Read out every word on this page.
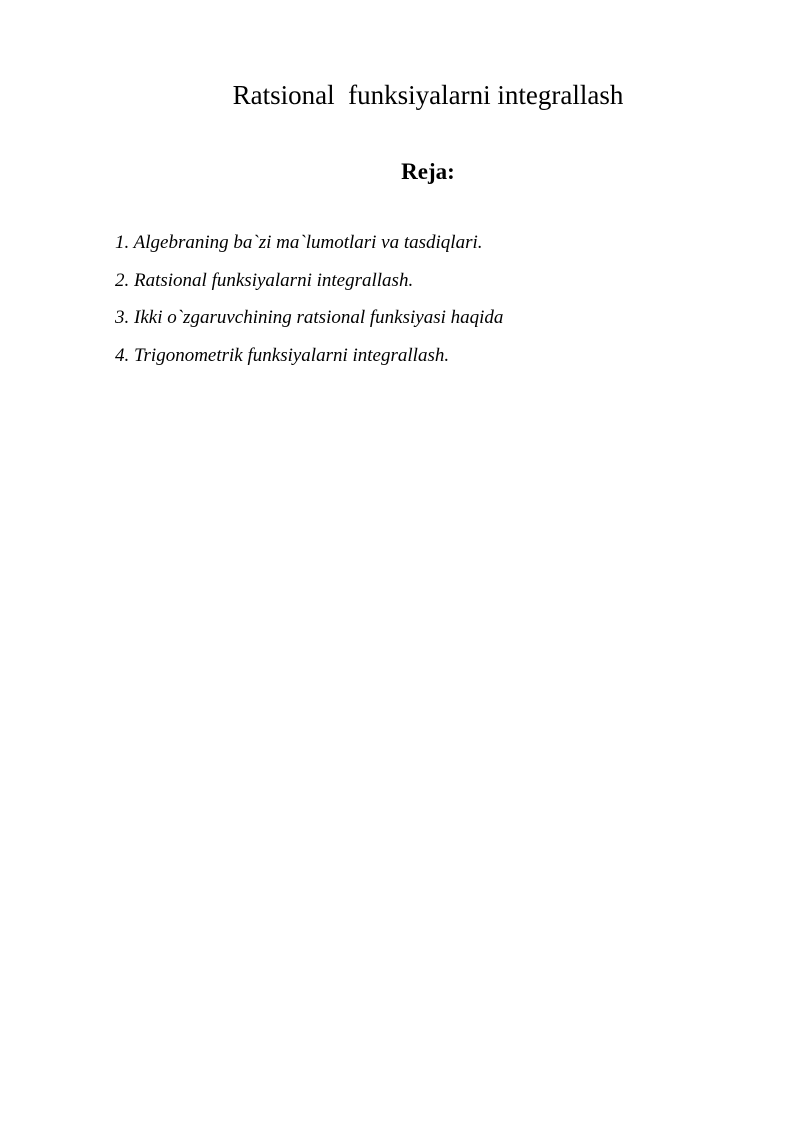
Ratsional  funksiyalarni integrallash
Reja:
1. Algebraning ba`zi ma`lumotlari va tasdiqlari.
2. Ratsional funksiyalarni integrallash.
3. Ikki o`zgaruvchining ratsional funksiyasi haqida
4. Trigonometrik funksiyalarni integrallash.
